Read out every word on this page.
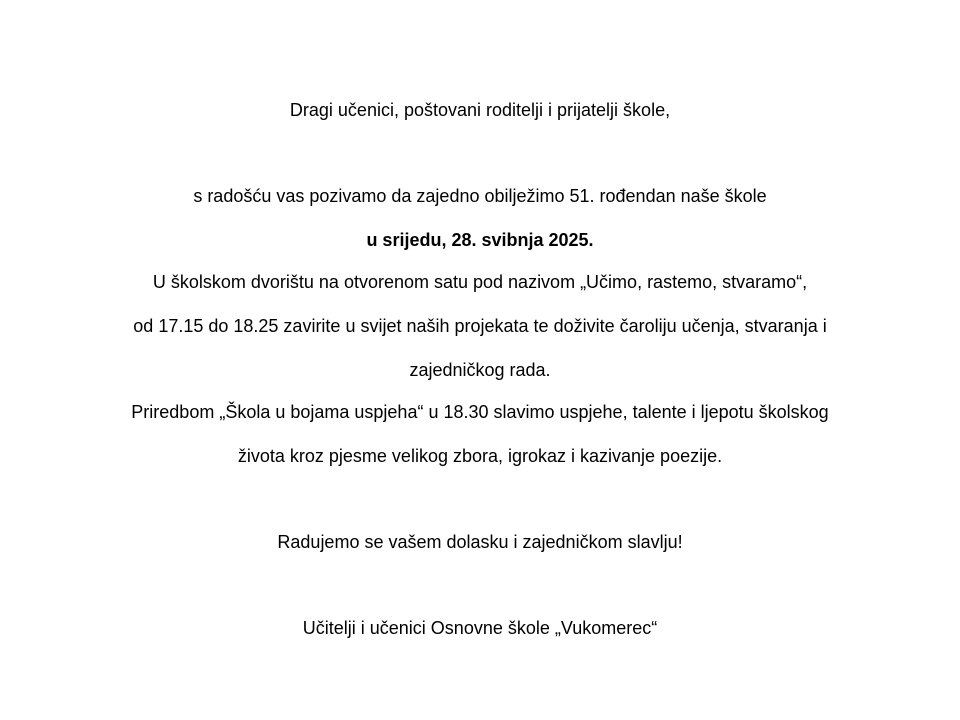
Dragi učenici, poštovani roditelji i prijatelji škole,
s radošću vas pozivamo da zajedno obilježimo 51. rođendan naše škole
u srijedu, 28. svibnja 2025.
U školskom dvorištu na otvorenom satu pod nazivom „Učimo, rastemo, stvaramo“,
od 17.15 do 18.25 zavirite u svijet naših projekata te doživite čaroliju učenja, stvaranja i
zajedničkog rada.
Priredbom „Škola u bojama uspjeha“ u 18.30 slavimo uspjehe, talente i ljepotu školskog
života kroz pjesme velikog zbora, igrokaz i kazivanje poezije.
Radujemo se vašem dolasku i zajedničkom slavlju!
Učitelji i učenici Osnovne škole „Vukomerec“
